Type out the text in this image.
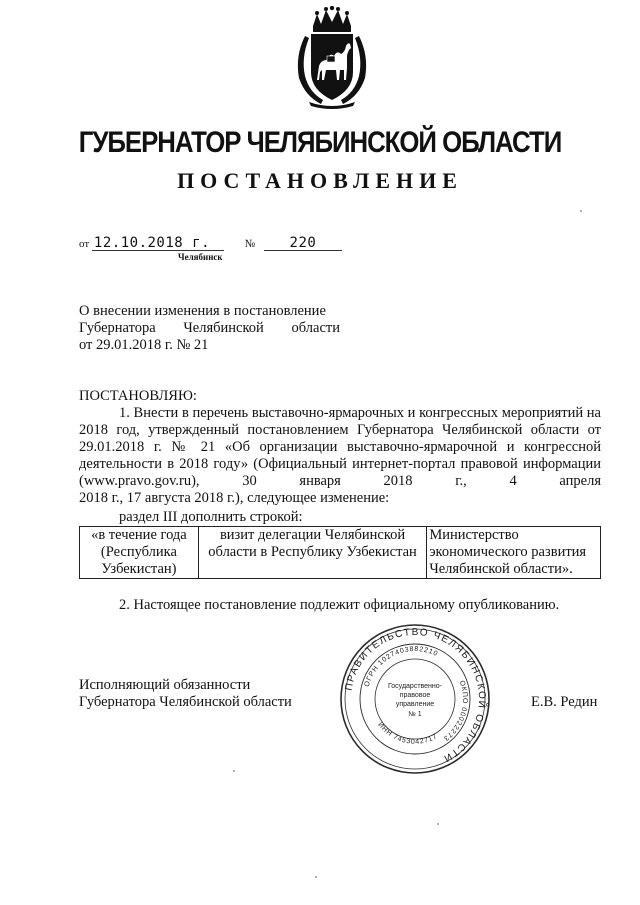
ГУБЕРНАТОР ЧЕЛЯБИНСКОЙ ОБЛАСТИ
ПОСТАНОВЛЕНИЕ
от 12.10.2018 г.	№ 220
Челябинск
О внесении изменения в постановление
Губернатора Челябинской области
от 29.01.2018 г. № 21
ПОСТАНОВЛЯЮ:
1. Внести в перечень выставочно-ярмарочных и конгрессных мероприятий на 2018 год, утвержденный постановлением Губернатора Челябинской области от 29.01.2018 г. № 21 «Об организации выставочно-ярмарочной и конгрессной деятельности в 2018 году» (Официальный интернет-портал правовой информации (www.pravo.gov.ru), 30 января 2018 г., 4 апреля
2018 г., 17 августа 2018 г.), следующее изменение:
раздел III дополнить строкой:
«в течение года (Республика Узбекистан)	визит делегации Челябинской области в Республику Узбекистан	Министерство экономического развития Челябинской области».
2. Настоящее постановление подлежит официальному опубликованию.
Исполняющий обязанности
Губернатора Челябинской области
ПРАВИТЕЛЬСТВО ЧЕЛЯБИНСКОЙ ОБЛАСТИ
ОГРН 1027403882210
ОКПО 00022273
ИНН 7453042717
Государственно-
правовое
управление
№ 1
Е.В. Редин
